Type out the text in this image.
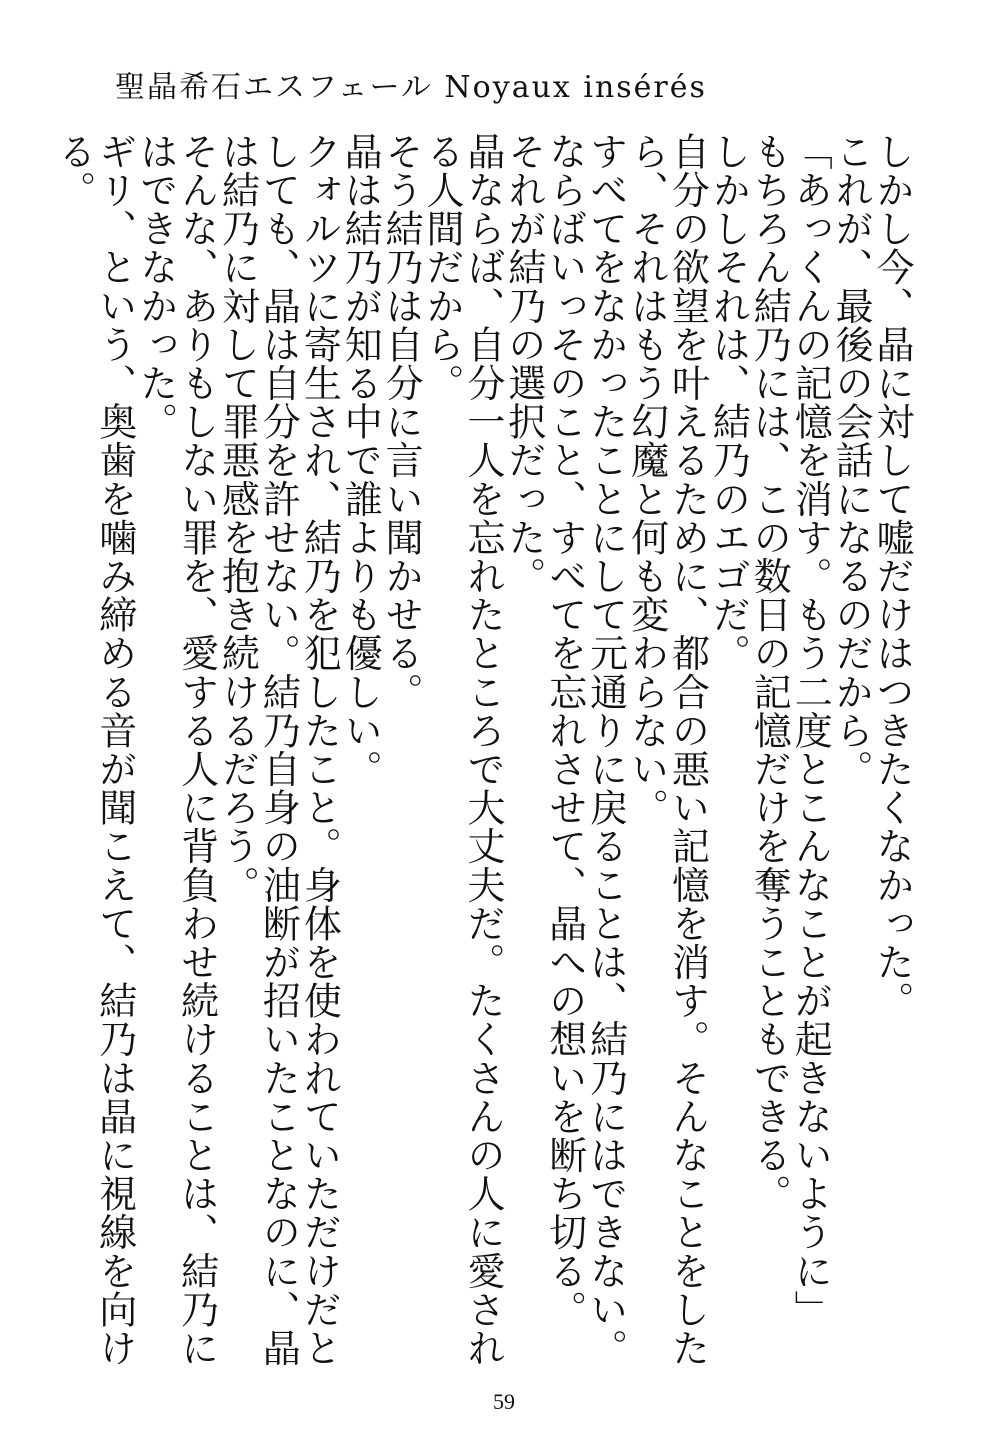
聖晶希石エスフェール Noyaux insérés

しかし今、晶に対して嘘だけはつきたくなかった。

これが、最後の会話になるのだから。

「あっくんの記憶を消す。もう二度とこんなことが起きないように」

もちろん結乃には、この数日の記憶だけを奪うこともできる。

しかしそれは、結乃のエゴだ。

自分の欲望を叶えるために、都合の悪い記憶を消す。そんなことをしたら、それはもう幻魔と何も変わらない。

すべてをなかったことにして元通りに戻ることは、結乃にはできない。

ならばいっそのこと、すべてを忘れさせて、晶への想いを断ち切る。

それが結乃の選択だった。

晶ならば、自分一人を忘れたところで大丈夫だ。たくさんの人に愛される人間だから。

そう結乃は自分に言い聞かせる。

晶は結乃が知る中で誰よりも優しい。

クォルツに寄生され、結乃を犯したこと。身体を使われていただけだとしても、晶は自分を許せない。結乃自身の油断が招いたことなのに、晶は結乃に対して罪悪感を抱き続けるだろう。

そんな、ありもしない罪を、愛する人に背負わせ続けることは、結乃にはできなかった。

ギリ、という、奥歯を噛み締める音が聞こえて、結乃は晶に視線を向ける。

59
